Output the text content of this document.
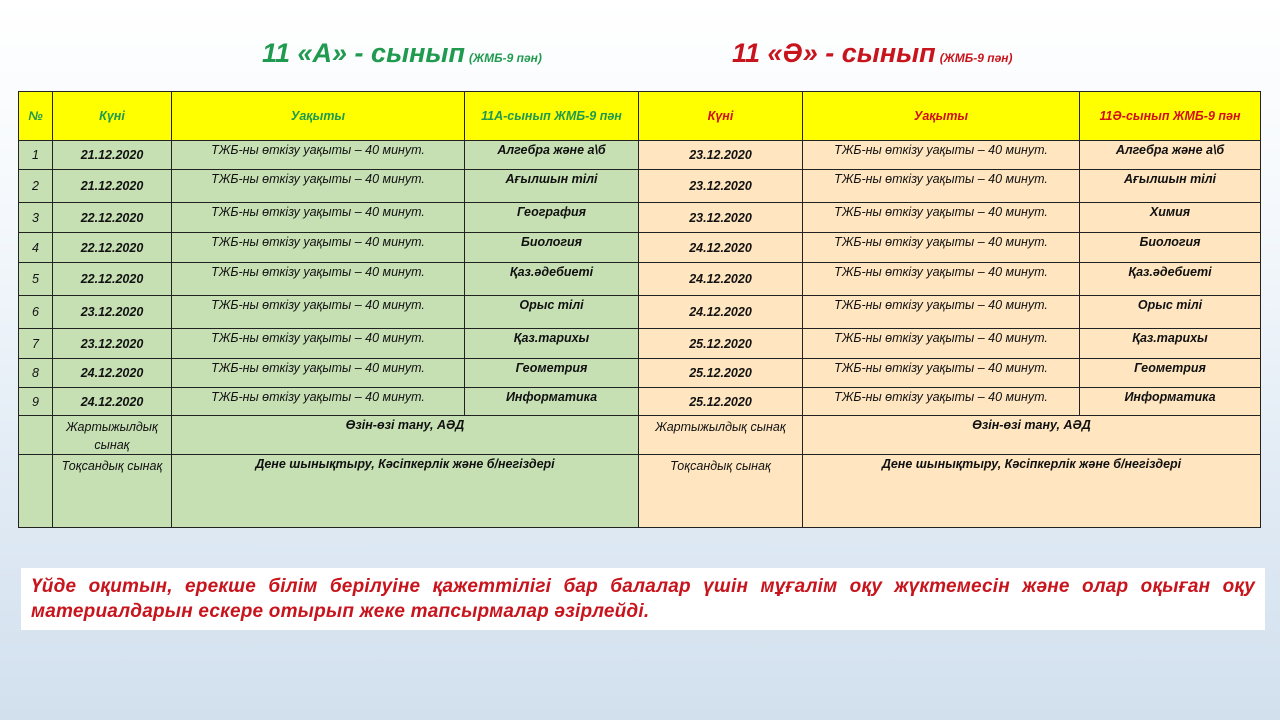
11 «А» - сынып (ЖМБ-9 пән)	11 «Ә» - сынып (ЖМБ-9 пән)
№	Күні	Уақыты	11А-сынып ЖМБ-9 пән	Күні	Уақыты	11Ә-сынып ЖМБ-9 пән
1	21.12.2020	ТЖБ-ны өткізу уақыты – 40 минут.	Алгебра және а\б	23.12.2020	ТЖБ-ны өткізу уақыты – 40 минут.	Алгебра және а\б
2	21.12.2020	ТЖБ-ны өткізу уақыты – 40 минут.	Ағылшын тілі	23.12.2020	ТЖБ-ны өткізу уақыты – 40 минут.	Ағылшын тілі
3	22.12.2020	ТЖБ-ны өткізу уақыты – 40 минут.	География	23.12.2020	ТЖБ-ны өткізу уақыты – 40 минут.	Химия
4	22.12.2020	ТЖБ-ны өткізу уақыты – 40 минут.	Биология	24.12.2020	ТЖБ-ны өткізу уақыты – 40 минут.	Биология
5	22.12.2020	ТЖБ-ны өткізу уақыты – 40 минут.	Қаз.әдебиеті	24.12.2020	ТЖБ-ны өткізу уақыты – 40 минут.	Қаз.әдебиеті
6	23.12.2020	ТЖБ-ны өткізу уақыты – 40 минут.	Орыс тілі	24.12.2020	ТЖБ-ны өткізу уақыты – 40 минут.	Орыс тілі
7	23.12.2020	ТЖБ-ны өткізу уақыты – 40 минут.	Қаз.тарихы	25.12.2020	ТЖБ-ны өткізу уақыты – 40 минут.	Қаз.тарихы
8	24.12.2020	ТЖБ-ны өткізу уақыты – 40 минут.	Геометрия	25.12.2020	ТЖБ-ны өткізу уақыты – 40 минут.	Геометрия
9	24.12.2020	ТЖБ-ны өткізу уақыты – 40 минут.	Информатика	25.12.2020	ТЖБ-ны өткізу уақыты – 40 минут.	Информатика
	Жартыжылдық сынақ	Өзін-өзі тану, АӘД		Жартыжылдық сынақ	Өзін-өзі тану, АӘД	
	Тоқсандық сынақ	Дене шынықтыру, Кәсіпкерлік және б/негіздері		Тоқсандық сынақ	Дене шынықтыру, Кәсіпкерлік және б/негіздері	
Үйде оқитын, ерекше білім берілуіне қажеттілігі бар балалар үшін мұғалім оқу жүктемесін және олар оқыған оқу материалдарын ескере отырып жеке тапсырмалар әзірлейді.
